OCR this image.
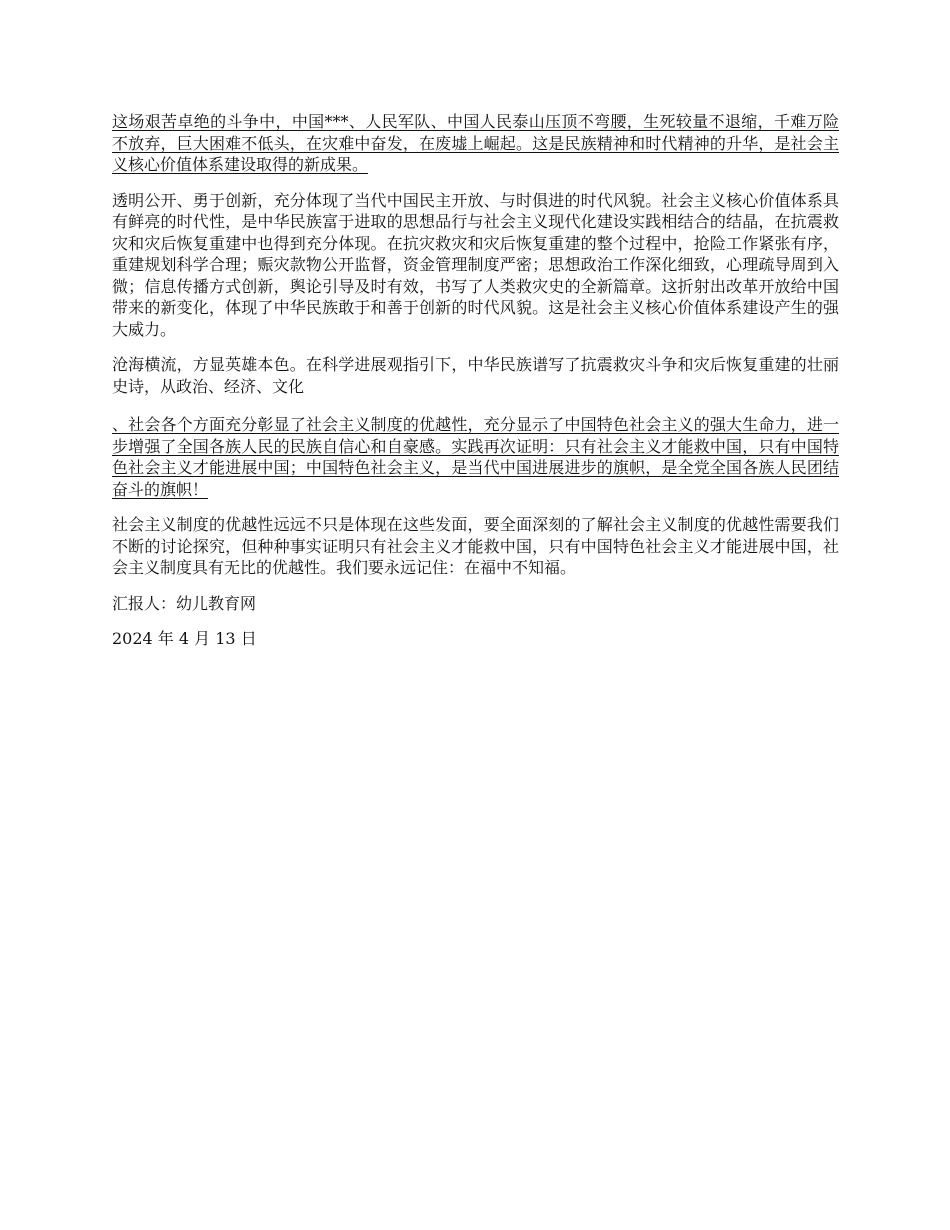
这场艰苦卓绝的斗争中，中国***、人民军队、中国人民泰山压顶不弯腰，生死较量不退缩，千难万险不放弃，巨大困难不低头，在灾难中奋发，在废墟上崛起。这是民族精神和时代精神的升华，是社会主义核心价值体系建设取得的新成果。

透明公开、勇于创新，充分体现了当代中国民主开放、与时俱进的时代风貌。社会主义核心价值体系具有鲜亮的时代性，是中华民族富于进取的思想品行与社会主义现代化建设实践相结合的结晶，在抗震救灾和灾后恢复重建中也得到充分体现。在抗灾救灾和灾后恢复重建的整个过程中，抢险工作紧张有序，重建规划科学合理；赈灾款物公开监督，资金管理制度严密；思想政治工作深化细致，心理疏导周到入微；信息传播方式创新，舆论引导及时有效，书写了人类救灾史的全新篇章。这折射出改革开放给中国带来的新变化，体现了中华民族敢于和善于创新的时代风貌。这是社会主义核心价值体系建设产生的强大威力。

沧海横流，方显英雄本色。在科学进展观指引下，中华民族谱写了抗震救灾斗争和灾后恢复重建的壮丽史诗，从政治、经济、文化

、社会各个方面充分彰显了社会主义制度的优越性，充分显示了中国特色社会主义的强大生命力，进一步增强了全国各族人民的民族自信心和自豪感。实践再次证明：只有社会主义才能救中国，只有中国特色社会主义才能进展中国；中国特色社会主义，是当代中国进展进步的旗帜，是全党全国各族人民团结奋斗的旗帜！

社会主义制度的优越性远远不只是体现在这些发面，要全面深刻的了解社会主义制度的优越性需要我们不断的讨论探究，但种种事实证明只有社会主义才能救中国，只有中国特色社会主义才能进展中国，社会主义制度具有无比的优越性。我们要永远记住：在福中不知福。

汇报人：幼儿教育网

2024 年 4 月 13 日
